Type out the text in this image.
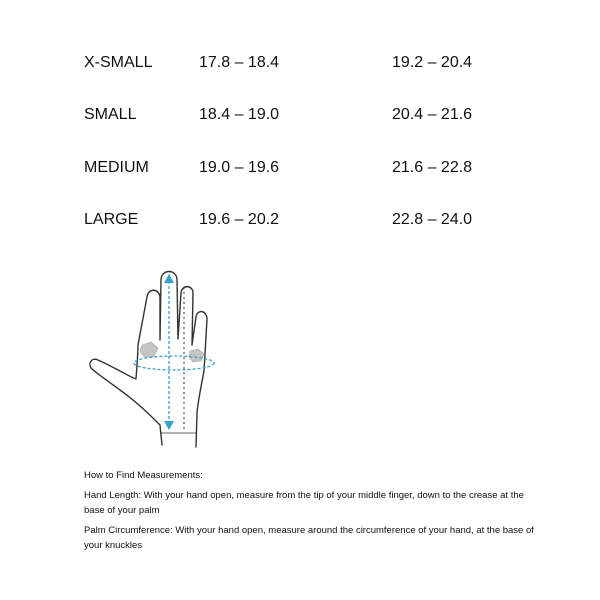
X-SMALL	17.8 – 18.4	19.2 – 20.4
SMALL	18.4 – 19.0	20.4 – 21.6
MEDIUM	19.0 – 19.6	21.6 – 22.8
LARGE	19.6 – 20.2	22.8 – 24.0

How to Find Measurements:

Hand Length: With your hand open, measure from the tip of your middle finger, down to the crease at the base of your palm

Palm Circumference: With your hand open, measure around the circumference of your hand, at the base of your knuckles
